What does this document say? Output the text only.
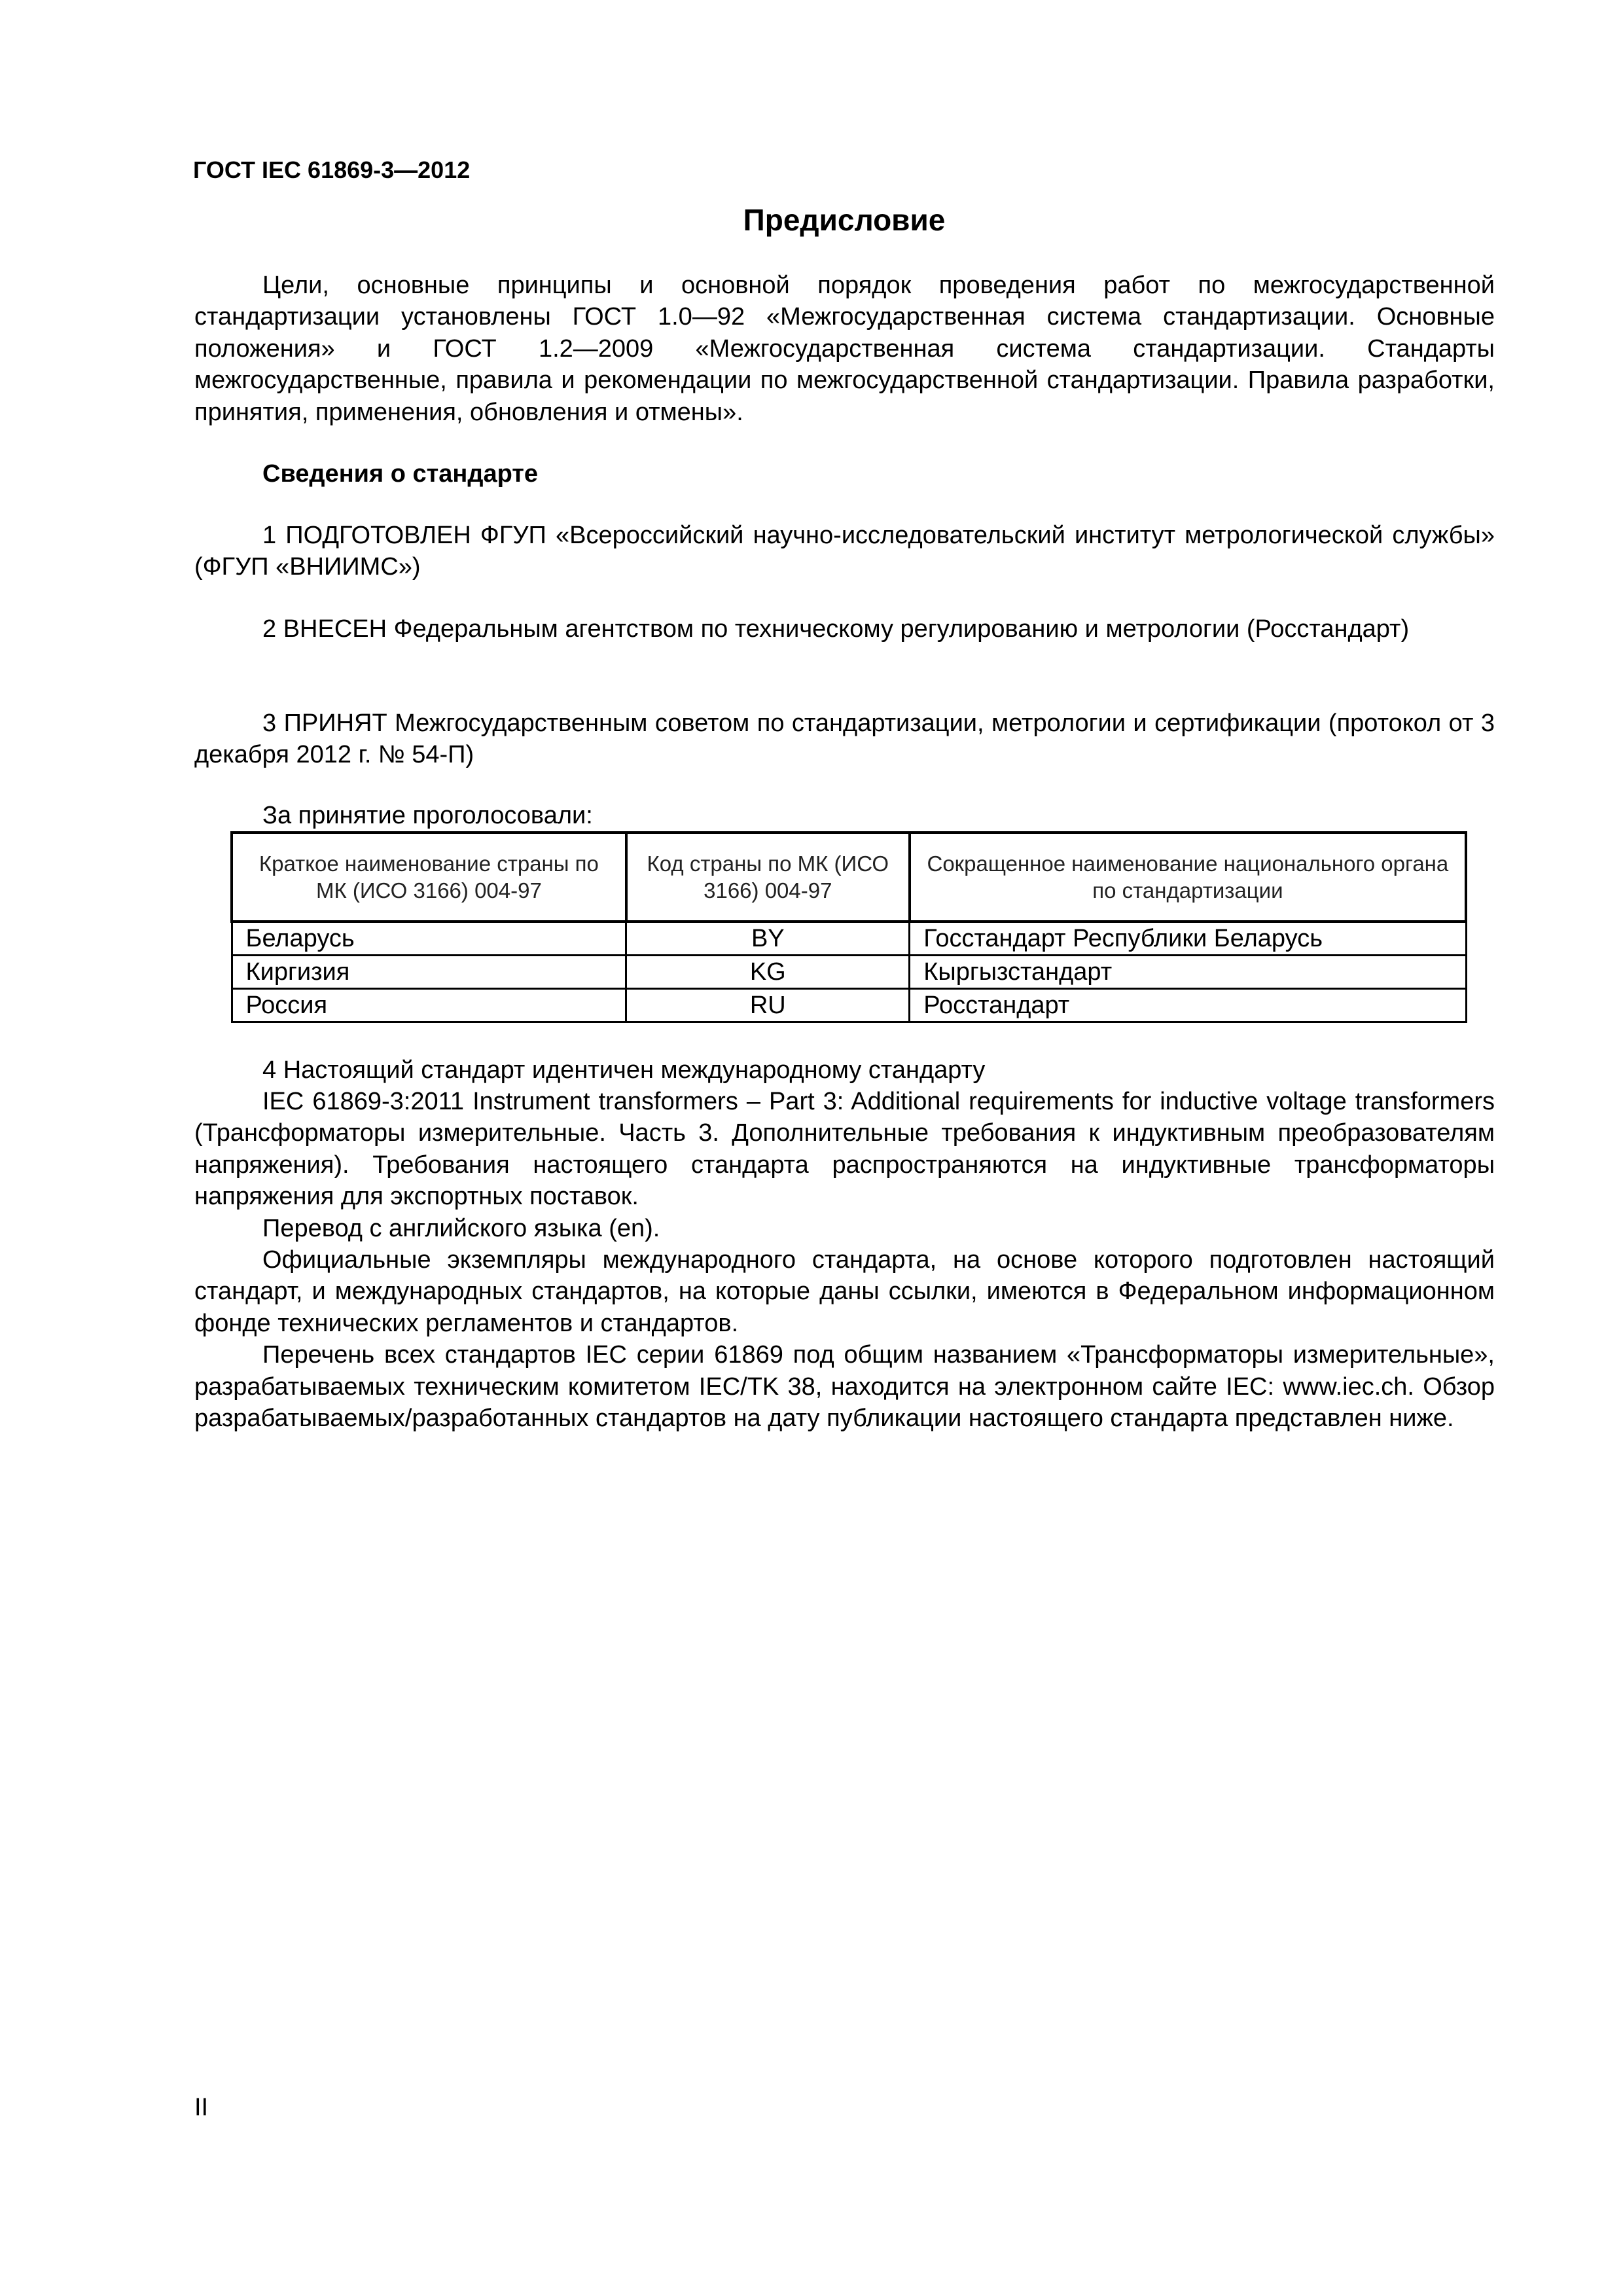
ГОСТ IEC 61869-3—2012
Предисловие

Цели, основные принципы и основной порядок проведения работ по межгосударственной стандартизации установлены ГОСТ 1.0—92 «Межгосударственная система стандартизации. Основные положения» и ГОСТ 1.2—2009 «Межгосударственная система стандартизации. Стандарты межгосударственные, правила и рекомендации по межгосударственной стандартизации. Правила разработки, принятия, применения, обновления и отмены».

Сведения о стандарте

1 ПОДГОТОВЛЕН ФГУП «Всероссийский научно-исследовательский институт метрологической службы» (ФГУП «ВНИИМС»)

2 ВНЕСЕН Федеральным агентством по техническому регулированию и метрологии (Росстандарт)

3 ПРИНЯТ Межгосударственным советом по стандартизации, метрологии и сертификации (протокол от 3 декабря 2012 г. № 54-П)

За принятие проголосовали:
Краткое наименование страны по МК (ИСО 3166) 004-97	Код страны по МК (ИСО 3166) 004-97	Сокращенное наименование национального органа по стандартизации
Беларусь	BY	Госстандарт Республики Беларусь
Киргизия	KG	Кыргызстандарт
Россия	RU	Росстандарт
4 Настоящий стандарт идентичен международному стандарту

IEC 61869-3:2011 Instrument transformers – Part 3: Additional requirements for inductive voltage transformers (Трансформаторы измерительные. Часть 3. Дополнительные требования к индуктивным преобразователям напряжения). Требования настоящего стандарта распространяются на индуктивные трансформаторы напряжения для экспортных поставок.

Перевод с английского языка (en).

Официальные экземпляры международного стандарта, на основе которого подготовлен настоящий стандарт, и международных стандартов, на которые даны ссылки, имеются в Федеральном информационном фонде технических регламентов и стандартов.

Перечень всех стандартов IEC серии 61869 под общим названием «Трансформаторы измерительные», разрабатываемых техническим комитетом IEC/TK 38, находится на электронном сайте IEC: www.iec.ch. Обзор разрабатываемых/разработанных стандартов на дату публикации настоящего стандарта представлен ниже.

II
